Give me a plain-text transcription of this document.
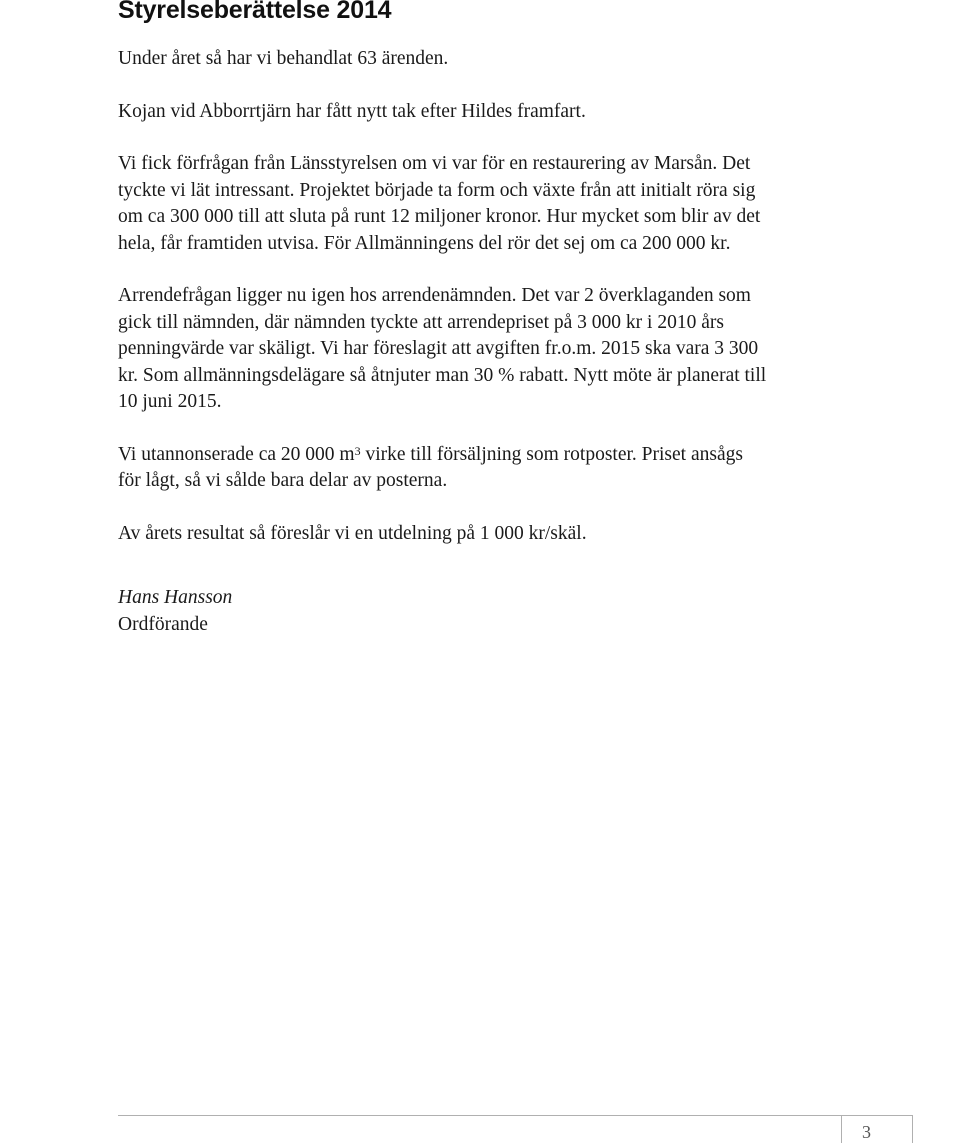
Styrelseberättelse 2014

Under året så har vi behandlat 63 ärenden.

Kojan vid Abborrtjärn har fått nytt tak efter Hildes framfart.

Vi fick förfrågan från Länsstyrelsen om vi var för en restaurering av Marsån. Det
tyckte vi lät intressant. Projektet började ta form och växte från att initialt röra sig
om ca 300 000 till att sluta på runt 12 miljoner kronor. Hur mycket som blir av det
hela, får framtiden utvisa. För Allmänningens del rör det sej om ca 200 000 kr.

Arrendefrågan ligger nu igen hos arrendenämnden. Det var 2 överklaganden som
gick till nämnden, där nämnden tyckte att arrendepriset på 3 000 kr i 2010 års
penningvärde var skäligt. Vi har föreslagit att avgiften fr.o.m. 2015 ska vara 3 300
kr. Som allmänningsdelägare så åtnjuter man 30 % rabatt. Nytt möte är planerat till
10 juni 2015.

Vi utannonserade ca 20 000 $m^3$ virke till försäljning som rotposter. Priset ansågs
för lågt, så vi sålde bara delar av posterna.

Av årets resultat så föreslår vi en utdelning på 1 000 kr/skäl.

Hans Hansson
Ordförande
3
